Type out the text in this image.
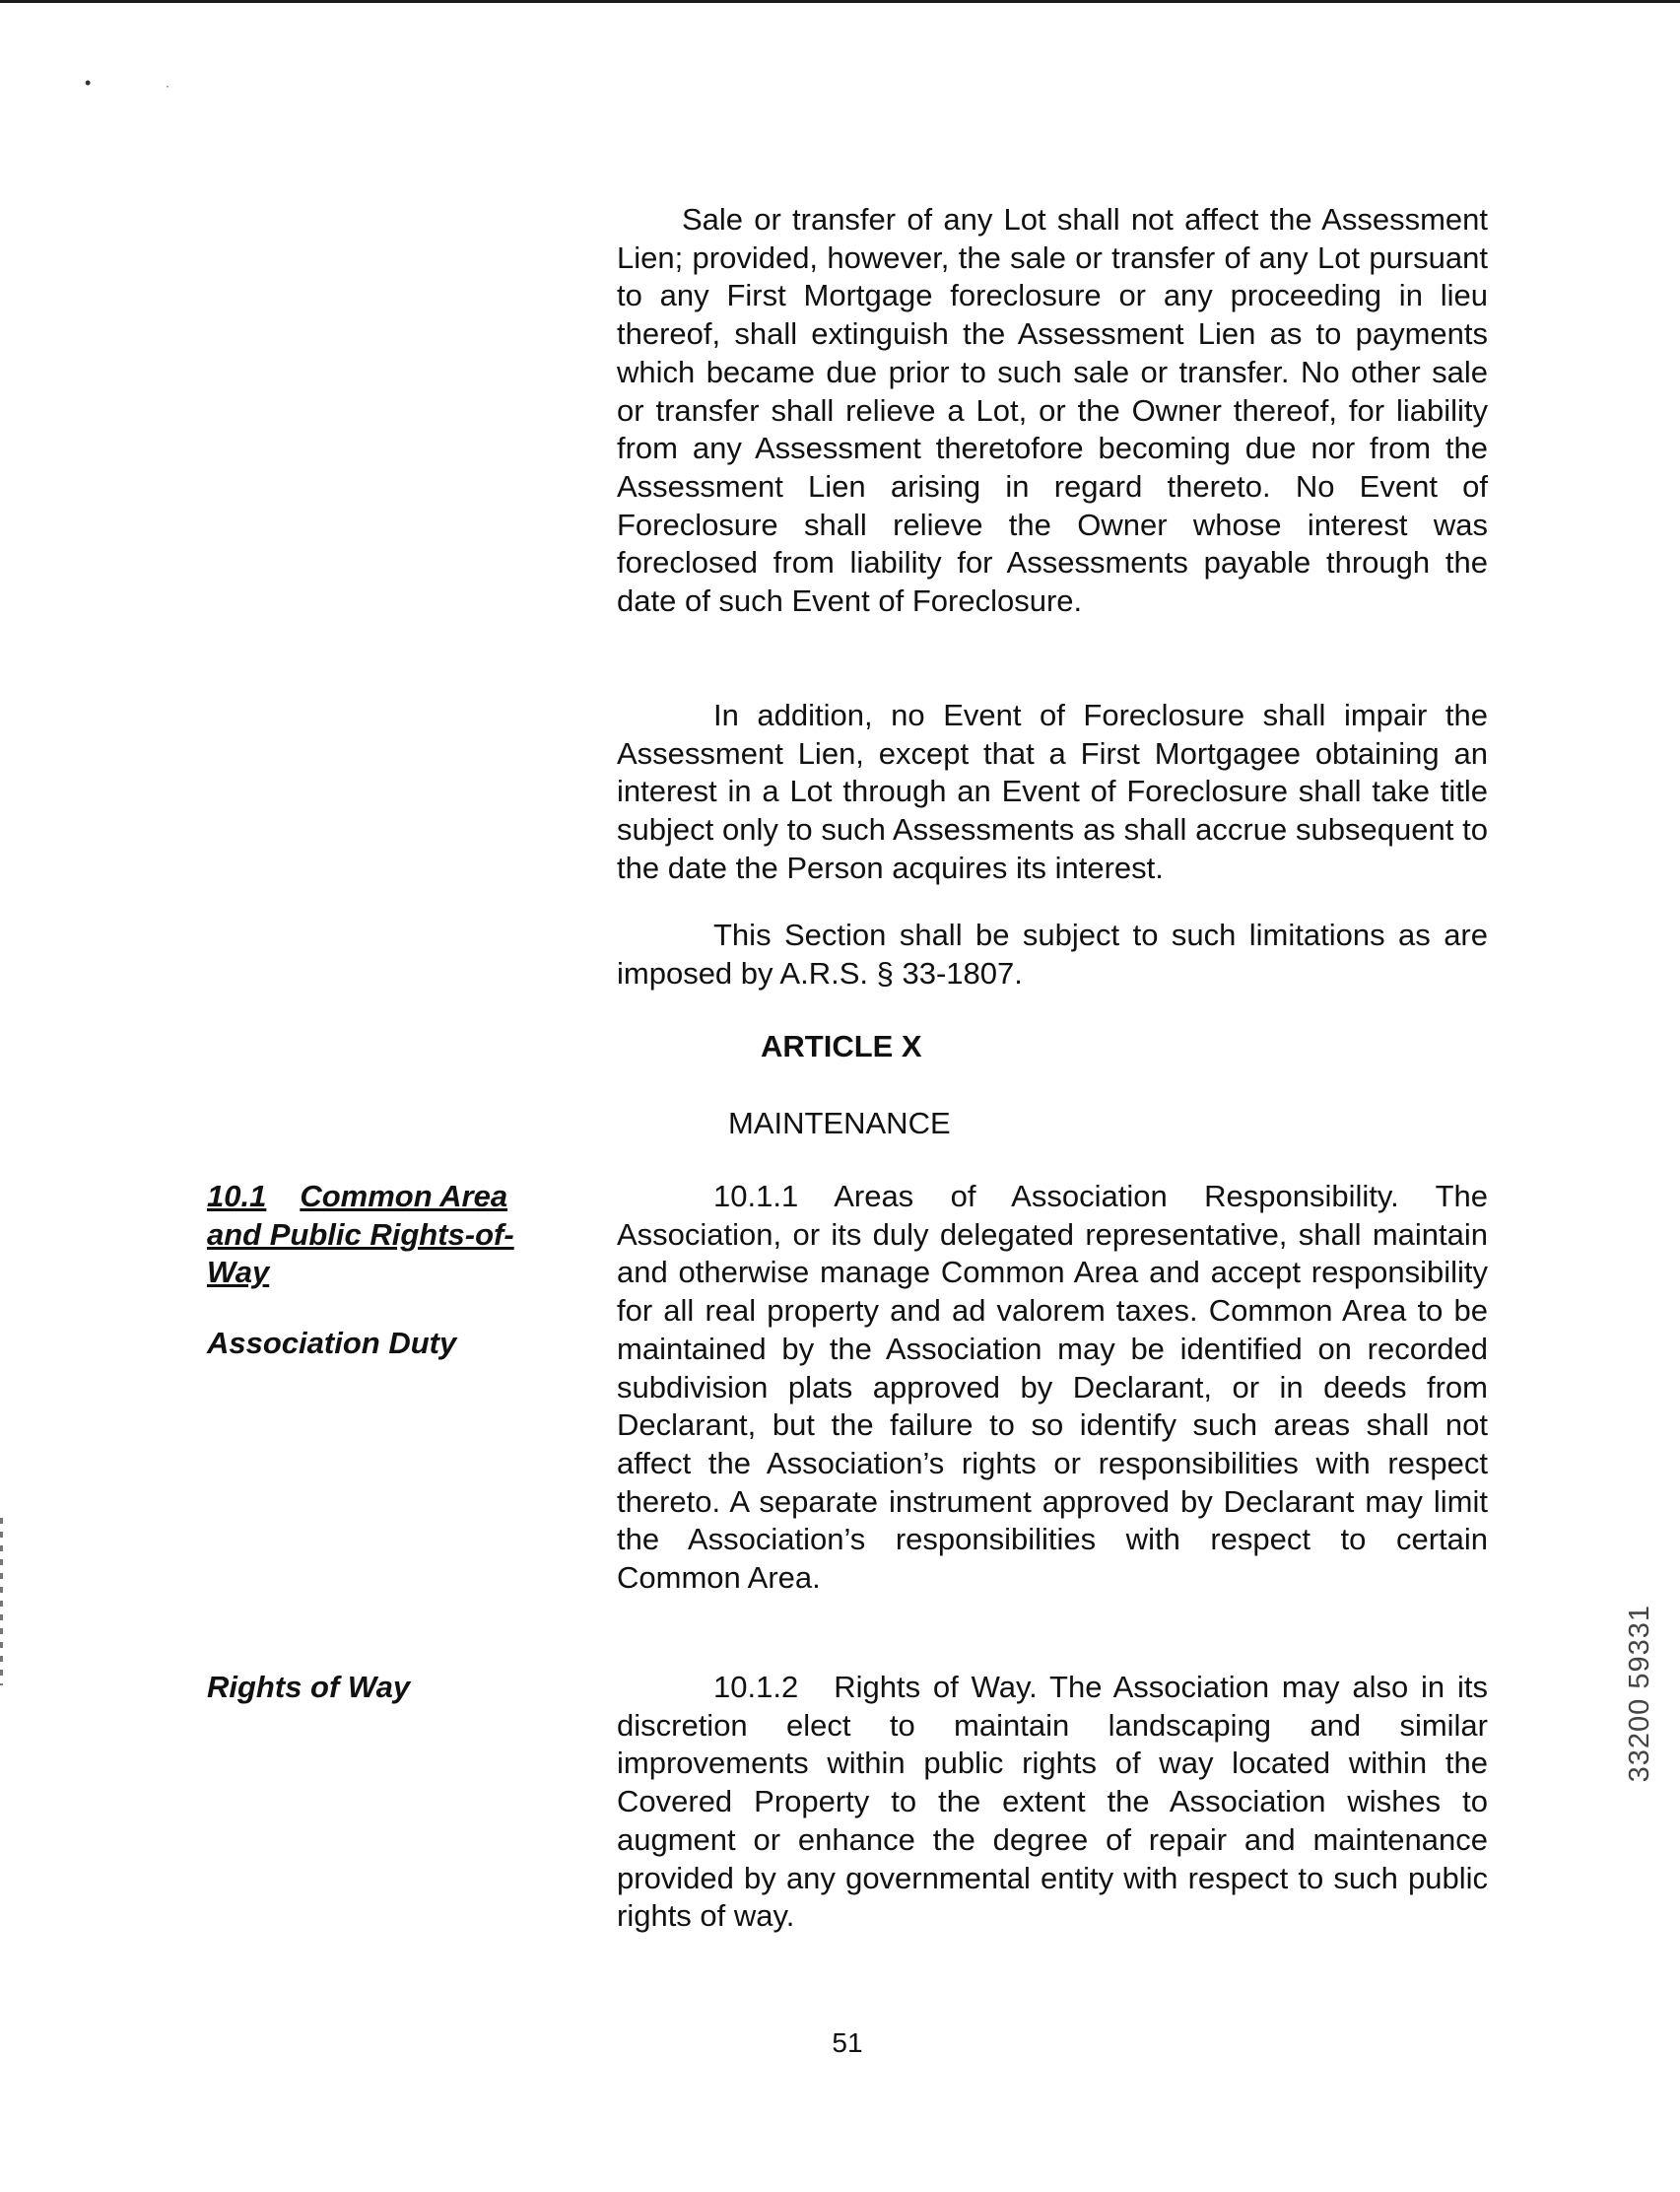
•	·

Sale or transfer of any Lot shall not affect the Assessment Lien; provided, however, the sale or transfer of any Lot pursuant to any First Mortgage foreclosure or any proceeding in lieu thereof, shall extinguish the Assessment Lien as to payments which became due prior to such sale or transfer. No other sale or transfer shall relieve a Lot, or the Owner thereof, for liability from any Assessment theretofore becoming due nor from the Assessment Lien arising in regard thereto. No Event of Foreclosure shall relieve the Owner whose interest was foreclosed from liability for Assessments payable through the date of such Event of Foreclosure.

In addition, no Event of Foreclosure shall impair the Assessment Lien, except that a First Mortgagee obtaining an interest in a Lot through an Event of Foreclosure shall take title subject only to such Assessments as shall accrue subsequent to the date the Person acquires its interest.

This Section shall be subject to such limitations as are imposed by A.R.S. § 33-1807.

ARTICLE X
MAINTENANCE
10.1 Common Area and Public Rights-of-Way
Association Duty
Rights of Way

10.1.1 Areas of Association Responsibility. The Association, or its duly delegated representative, shall maintain and otherwise manage Common Area and accept responsibility for all real property and ad valorem taxes. Common Area to be maintained by the Association may be identified on recorded subdivision plats approved by Declarant, or in deeds from Declarant, but the failure to so identify such areas shall not affect the Association’s rights or responsibilities with respect thereto. A separate instrument approved by Declarant may limit the Association’s responsibilities with respect to certain Common Area.

10.1.2 Rights of Way. The Association may also in its discretion elect to maintain landscaping and similar improvements within public rights of way located within the Covered Property to the extent the Association wishes to augment or enhance the degree of repair and maintenance provided by any governmental entity with respect to such public rights of way.

51
33200 59331
